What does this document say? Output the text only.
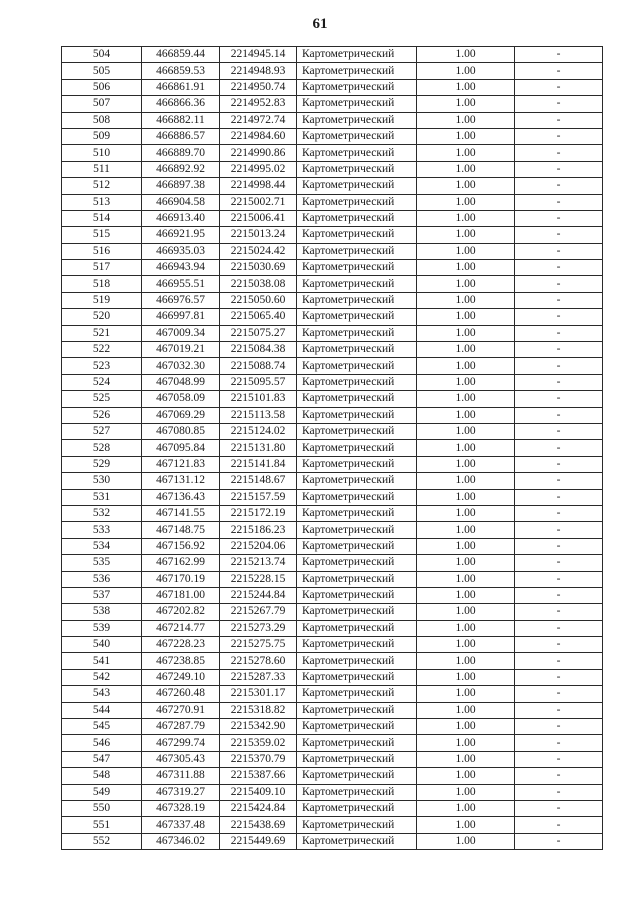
61
504	466859.44	2214945.14	Картометрический	1.00	-
505	466859.53	2214948.93	Картометрический	1.00	-
506	466861.91	2214950.74	Картометрический	1.00	-
507	466866.36	2214952.83	Картометрический	1.00	-
508	466882.11	2214972.74	Картометрический	1.00	-
509	466886.57	2214984.60	Картометрический	1.00	-
510	466889.70	2214990.86	Картометрический	1.00	-
511	466892.92	2214995.02	Картометрический	1.00	-
512	466897.38	2214998.44	Картометрический	1.00	-
513	466904.58	2215002.71	Картометрический	1.00	-
514	466913.40	2215006.41	Картометрический	1.00	-
515	466921.95	2215013.24	Картометрический	1.00	-
516	466935.03	2215024.42	Картометрический	1.00	-
517	466943.94	2215030.69	Картометрический	1.00	-
518	466955.51	2215038.08	Картометрический	1.00	-
519	466976.57	2215050.60	Картометрический	1.00	-
520	466997.81	2215065.40	Картометрический	1.00	-
521	467009.34	2215075.27	Картометрический	1.00	-
522	467019.21	2215084.38	Картометрический	1.00	-
523	467032.30	2215088.74	Картометрический	1.00	-
524	467048.99	2215095.57	Картометрический	1.00	-
525	467058.09	2215101.83	Картометрический	1.00	-
526	467069.29	2215113.58	Картометрический	1.00	-
527	467080.85	2215124.02	Картометрический	1.00	-
528	467095.84	2215131.80	Картометрический	1.00	-
529	467121.83	2215141.84	Картометрический	1.00	-
530	467131.12	2215148.67	Картометрический	1.00	-
531	467136.43	2215157.59	Картометрический	1.00	-
532	467141.55	2215172.19	Картометрический	1.00	-
533	467148.75	2215186.23	Картометрический	1.00	-
534	467156.92	2215204.06	Картометрический	1.00	-
535	467162.99	2215213.74	Картометрический	1.00	-
536	467170.19	2215228.15	Картометрический	1.00	-
537	467181.00	2215244.84	Картометрический	1.00	-
538	467202.82	2215267.79	Картометрический	1.00	-
539	467214.77	2215273.29	Картометрический	1.00	-
540	467228.23	2215275.75	Картометрический	1.00	-
541	467238.85	2215278.60	Картометрический	1.00	-
542	467249.10	2215287.33	Картометрический	1.00	-
543	467260.48	2215301.17	Картометрический	1.00	-
544	467270.91	2215318.82	Картометрический	1.00	-
545	467287.79	2215342.90	Картометрический	1.00	-
546	467299.74	2215359.02	Картометрический	1.00	-
547	467305.43	2215370.79	Картометрический	1.00	-
548	467311.88	2215387.66	Картометрический	1.00	-
549	467319.27	2215409.10	Картометрический	1.00	-
550	467328.19	2215424.84	Картометрический	1.00	-
551	467337.48	2215438.69	Картометрический	1.00	-
552	467346.02	2215449.69	Картометрический	1.00	-
